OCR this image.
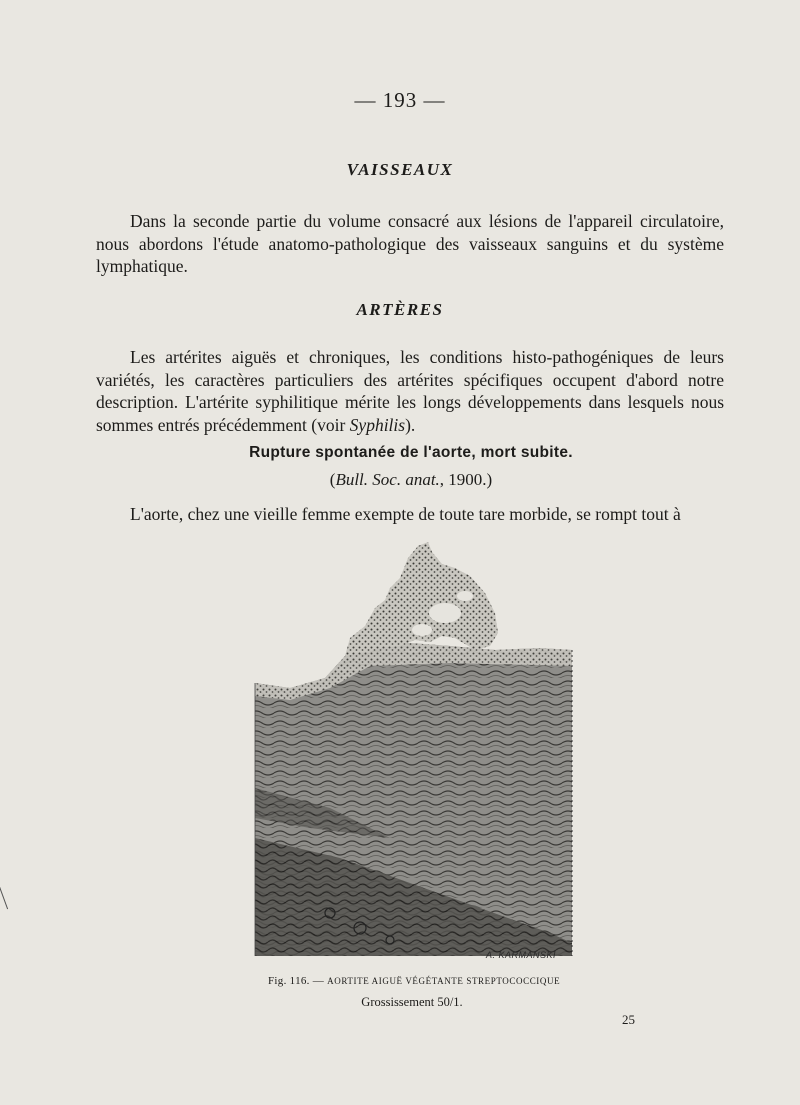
— 193 —
VAISSEAUX

Dans la seconde partie du volume consacré aux lésions de l'appareil circulatoire, nous abordons l'étude anatomo-pathologique des vaisseaux sanguins et du système lymphatique.

ARTÈRES

Les artérites aiguës et chroniques, les conditions histo-pathogéniques de leurs variétés, les caractères particuliers des artérites spécifiques occupent d'abord notre description. L'artérite syphilitique mérite les longs développements dans lesquels nous sommes entrés précédemment (voir Syphilis).

Rupture spontanée de l'aorte, mort subite.
(Bull. Soc. anat., 1900.)

L'aorte, chez une vieille femme exempte de toute tare morbide, se rompt tout à

A. KARMANSKI
Fig. 116. — AORTITE AIGUË VÉGÉTANTE STREPTOCOCCIQUE
Grossissement 50/1.
25
